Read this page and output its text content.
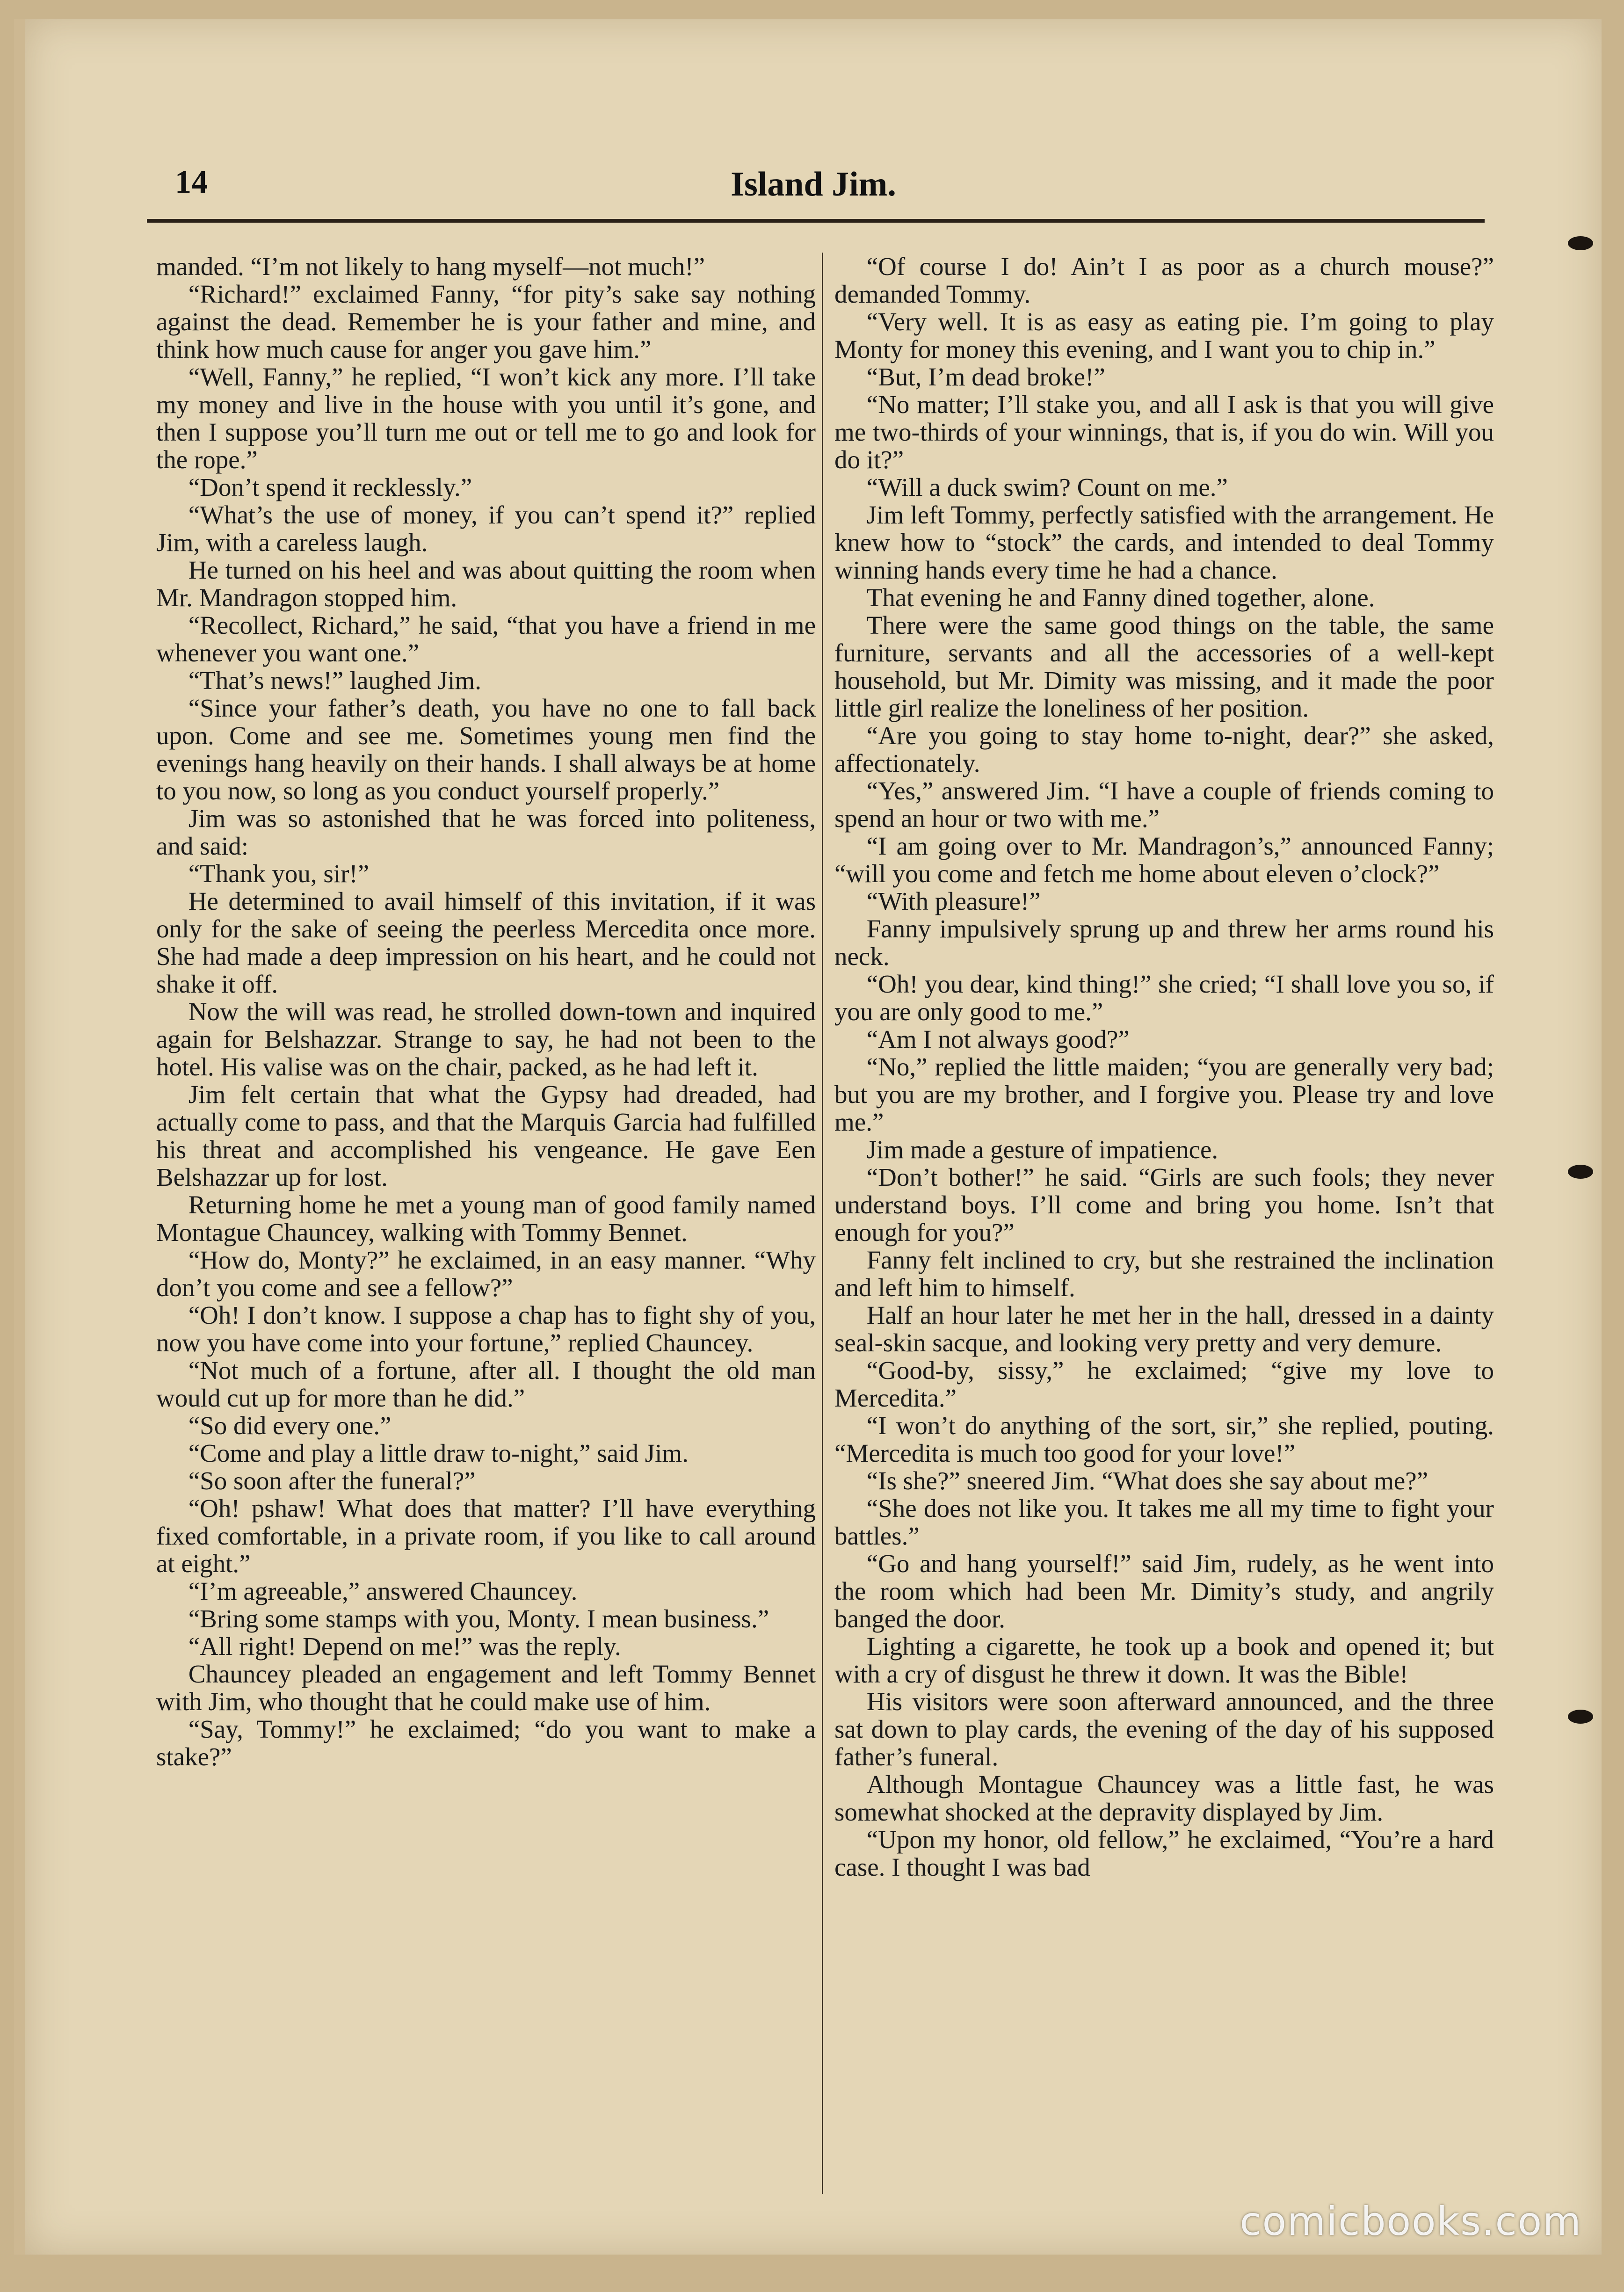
14	Island Jim.

manded. “I’m not likely to hang myself—not much!”

“Richard!” exclaimed Fanny, “for pity’s sake say nothing against the dead. Remember he is your father and mine, and think how much cause for anger you gave him.”

“Well, Fanny,” he replied, “I won’t kick any more. I’ll take my money and live in the house with you until it’s gone, and then I suppose you’ll turn me out or tell me to go and look for the rope.”

“Don’t spend it recklessly.”

“What’s the use of money, if you can’t spend it?” replied Jim, with a careless laugh.

He turned on his heel and was about quitting the room when Mr. Mandragon stopped him.

“Recollect, Richard,” he said, “that you have a friend in me whenever you want one.”

“That’s news!” laughed Jim.

“Since your father’s death, you have no one to fall back upon. Come and see me. Sometimes young men find the evenings hang heavily on their hands. I shall always be at home to you now, so long as you conduct yourself properly.”

Jim was so astonished that he was forced into politeness, and said:

“Thank you, sir!”

He determined to avail himself of this invitation, if it was only for the sake of seeing the peerless Mercedita once more. She had made a deep impression on his heart, and he could not shake it off.

Now the will was read, he strolled down-town and inquired again for Belshazzar. Strange to say, he had not been to the hotel. His valise was on the chair, packed, as he had left it.

Jim felt certain that what the Gypsy had dreaded, had actually come to pass, and that the Marquis Garcia had fulfilled his threat and accomplished his vengeance. He gave Een Belshazzar up for lost.

Returning home he met a young man of good family named Montague Chauncey, walking with Tommy Bennet.

“How do, Monty?” he exclaimed, in an easy manner. “Why don’t you come and see a fellow?”

“Oh! I don’t know. I suppose a chap has to fight shy of you, now you have come into your fortune,” replied Chauncey.

“Not much of a fortune, after all. I thought the old man would cut up for more than he did.”

“So did every one.”

“Come and play a little draw to-night,” said Jim.

“So soon after the funeral?”

“Oh! pshaw! What does that matter? I’ll have everything fixed comfortable, in a private room, if you like to call around at eight.”

“I’m agreeable,” answered Chauncey.

“Bring some stamps with you, Monty. I mean business.”

“All right! Depend on me!” was the reply.

Chauncey pleaded an engagement and left Tommy Bennet with Jim, who thought that he could make use of him.

“Say, Tommy!” he exclaimed; “do you want to make a stake?”

“Of course I do! Ain’t I as poor as a church mouse?” demanded Tommy.

“Very well. It is as easy as eating pie. I’m going to play Monty for money this evening, and I want you to chip in.”

“But, I’m dead broke!”

“No matter; I’ll stake you, and all I ask is that you will give me two-thirds of your winnings, that is, if you do win. Will you do it?”

“Will a duck swim? Count on me.”

Jim left Tommy, perfectly satisfied with the arrangement. He knew how to “stock” the cards, and intended to deal Tommy winning hands every time he had a chance.

That evening he and Fanny dined together, alone.

There were the same good things on the table, the same furniture, servants and all the accessories of a well-kept household, but Mr. Dimity was missing, and it made the poor little girl realize the loneliness of her position.

“Are you going to stay home to-night, dear?” she asked, affectionately.

“Yes,” answered Jim. “I have a couple of friends coming to spend an hour or two with me.”

“I am going over to Mr. Mandragon’s,” announced Fanny; “will you come and fetch me home about eleven o’clock?”

“With pleasure!”

Fanny impulsively sprung up and threw her arms round his neck.

“Oh! you dear, kind thing!” she cried; “I shall love you so, if you are only good to me.”

“Am I not always good?”

“No,” replied the little maiden; “you are generally very bad; but you are my brother, and I forgive you. Please try and love me.”

Jim made a gesture of impatience.

“Don’t bother!” he said. “Girls are such fools; they never understand boys. I’ll come and bring you home. Isn’t that enough for you?”

Fanny felt inclined to cry, but she restrained the inclination and left him to himself.

Half an hour later he met her in the hall, dressed in a dainty seal-skin sacque, and looking very pretty and very demure.

“Good-by, sissy,” he exclaimed; “give my love to Mercedita.”

“I won’t do anything of the sort, sir,” she replied, pouting. “Mercedita is much too good for your love!”

“Is she?” sneered Jim. “What does she say about me?”

“She does not like you. It takes me all my time to fight your battles.”

“Go and hang yourself!” said Jim, rudely, as he went into the room which had been Mr. Dimity’s study, and angrily banged the door.

Lighting a cigarette, he took up a book and opened it; but with a cry of disgust he threw it down. It was the Bible!

His visitors were soon afterward announced, and the three sat down to play cards, the evening of the day of his supposed father’s funeral.

Although Montague Chauncey was a little fast, he was somewhat shocked at the depravity displayed by Jim.

“Upon my honor, old fellow,” he exclaimed, “You’re a hard case. I thought I was bad

comicbooks.com
